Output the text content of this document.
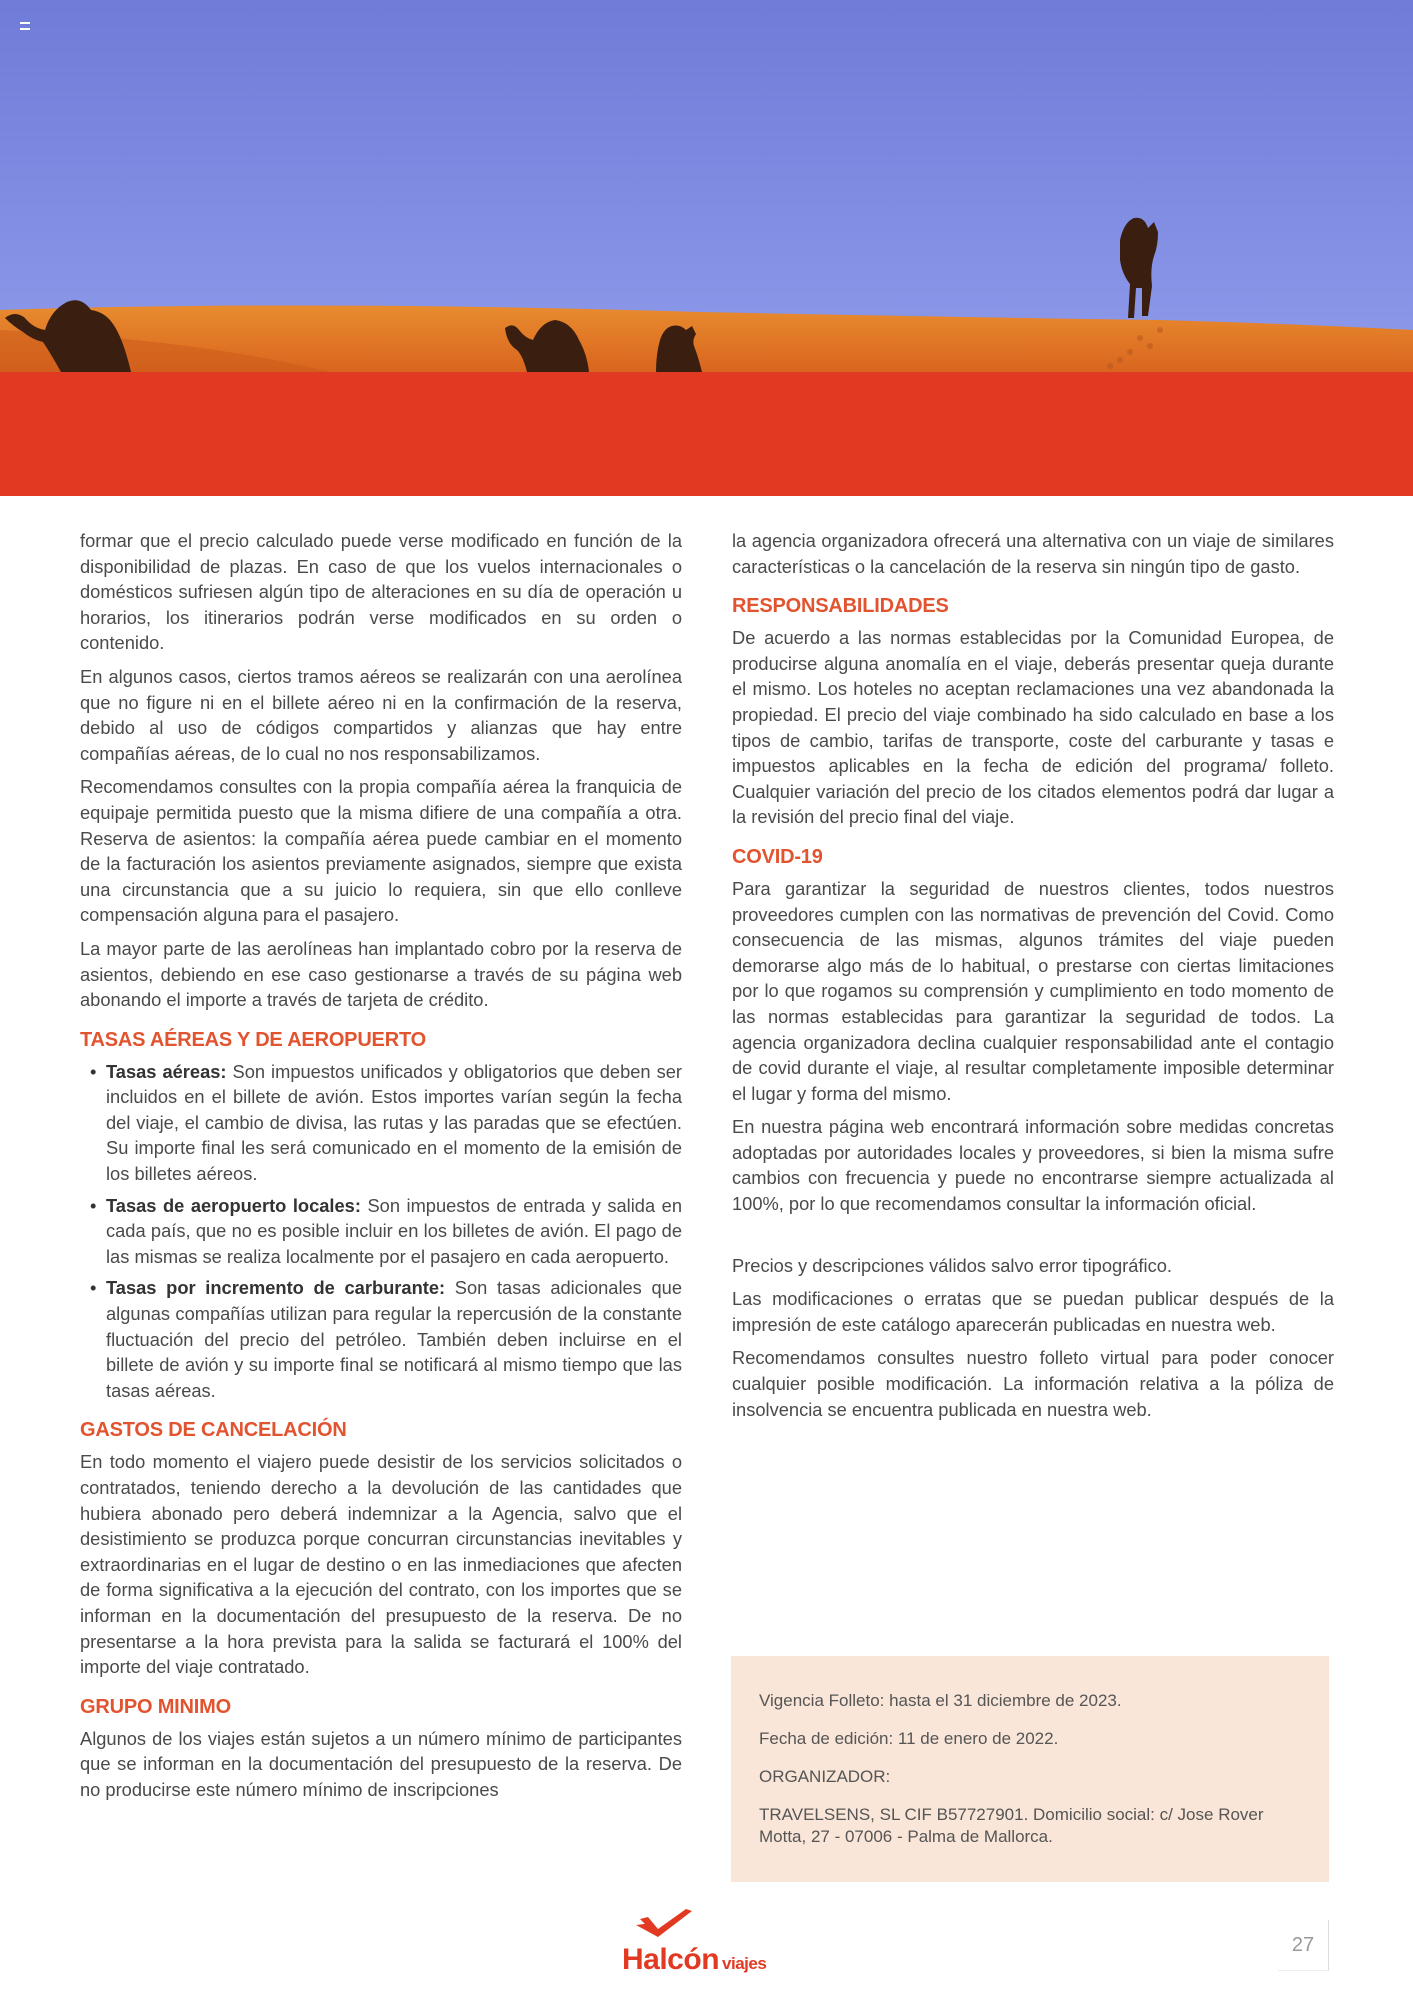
formar que el precio calculado puede verse modificado en función de la disponibilidad de plazas. En caso de que los vuelos internacionales o domésticos sufriesen algún tipo de alteraciones en su día de operación u horarios, los itinerarios podrán verse modificados en su orden o contenido.

En algunos casos, ciertos tramos aéreos se realizarán con una aerolínea que no figure ni en el billete aéreo ni en la confirmación de la reserva, debido al uso de códigos compartidos y alianzas que hay entre compañías aéreas, de lo cual no nos responsabilizamos.

Recomendamos consultes con la propia compañía aérea la franquicia de equipaje permitida puesto que la misma difiere de una compañía a otra. Reserva de asientos: la compañía aérea puede cambiar en el momento de la facturación los asientos previamente asignados, siempre que exista una circunstancia que a su juicio lo requiera, sin que ello conlleve compensación alguna para el pasajero.

La mayor parte de las aerolíneas han implantado cobro por la reserva de asientos, debiendo en ese caso gestionarse a través de su página web abonando el importe a través de tarjeta de crédito.

TASAS AÉREAS Y DE AEROPUERTO
• Tasas aéreas: Son impuestos unificados y obligatorios que deben ser incluidos en el billete de avión. Estos importes varían según la fecha del viaje, el cambio de divisa, las rutas y las paradas que se efectúen. Su importe final les será comunicado en el momento de la emisión de los billetes aéreos.
• Tasas de aeropuerto locales: Son impuestos de entrada y salida en cada país, que no es posible incluir en los billetes de avión. El pago de las mismas se realiza localmente por el pasajero en cada aeropuerto.
• Tasas por incremento de carburante: Son tasas adicionales que algunas compañías utilizan para regular la repercusión de la constante fluctuación del precio del petróleo. También deben incluirse en el billete de avión y su importe final se notificará al mismo tiempo que las tasas aéreas.
GASTOS DE CANCELACIÓN

En todo momento el viajero puede desistir de los servicios solicitados o contratados, teniendo derecho a la devolución de las cantidades que hubiera abonado pero deberá indemnizar a la Agencia, salvo que el desistimiento se produzca porque concurran circunstancias inevitables y extraordinarias en el lugar de destino o en las inmediaciones que afecten de forma significativa a la ejecución del contrato, con los importes que se informan en la documentación del presupuesto de la reserva. De no presentarse a la hora prevista para la salida se facturará el 100% del importe del viaje contratado.

GRUPO MINIMO

Algunos de los viajes están sujetos a un número mínimo de participantes que se informan en la documentación del presupuesto de la reserva. De no producirse este número mínimo de inscripciones

la agencia organizadora ofrecerá una alternativa con un viaje de similares características o la cancelación de la reserva sin ningún tipo de gasto.

RESPONSABILIDADES

De acuerdo a las normas establecidas por la Comunidad Europea, de producirse alguna anomalía en el viaje, deberás presentar queja durante el mismo. Los hoteles no aceptan reclamaciones una vez abandonada la propiedad. El precio del viaje combinado ha sido calculado en base a los tipos de cambio, tarifas de transporte, coste del carburante y tasas e impuestos aplicables en la fecha de edición del programa/ folleto. Cualquier variación del precio de los citados elementos podrá dar lugar a la revisión del precio final del viaje.

COVID-19

Para garantizar la seguridad de nuestros clientes, todos nuestros proveedores cumplen con las normativas de prevención del Covid. Como consecuencia de las mismas, algunos trámites del viaje pueden demorarse algo más de lo habitual, o prestarse con ciertas limitaciones por lo que rogamos su comprensión y cumplimiento en todo momento de las normas establecidas para garantizar la seguridad de todos. La agencia organizadora declina cualquier responsabilidad ante el contagio de covid durante el viaje, al resultar completamente imposible determinar el lugar y forma del mismo.

En nuestra página web encontrará información sobre medidas concretas adoptadas por autoridades locales y proveedores, si bien la misma sufre cambios con frecuencia y puede no encontrarse siempre actualizada al 100%, por lo que recomendamos consultar la información oficial.

Precios y descripciones válidos salvo error tipográfico.

Las modificaciones o erratas que se puedan publicar después de la impresión de este catálogo aparecerán publicadas en nuestra web.

Recomendamos consultes nuestro folleto virtual para poder conocer cualquier posible modificación. La información relativa a la póliza de insolvencia se encuentra publicada en nuestra web.

Vigencia Folleto: hasta el 31 diciembre de 2023.

Fecha de edición: 11 de enero de 2022.

ORGANIZADOR:

TRAVELSENS, SL CIF B57727901. Domicilio social: c/ Jose Rover Motta, 27 - 07006 - Palma de Mallorca.

Halcón viajes
27
